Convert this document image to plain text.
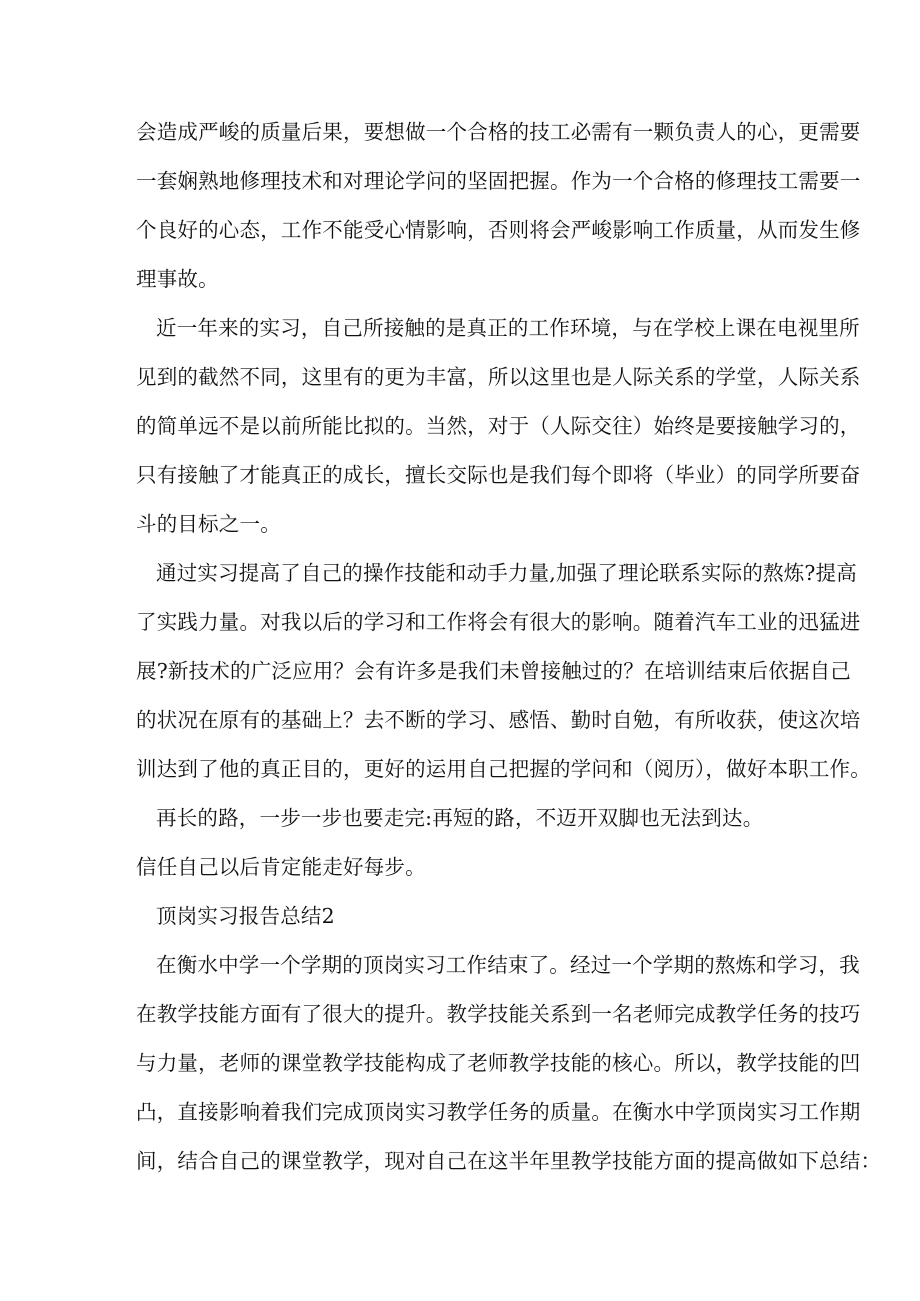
会造成严峻的质量后果，要想做一个合格的技工必需有一颗负责人的心，更需要
一套娴熟地修理技术和对理论学问的坚固把握。作为一个合格的修理技工需要一
个良好的心态，工作不能受心情影响，否则将会严峻影响工作质量，从而发生修
理事故。
近一年来的实习，自己所接触的是真正的工作环境，与在学校上课在电视里所
见到的截然不同，这里有的更为丰富，所以这里也是人际关系的学堂，人际关系
的简单远不是以前所能比拟的。当然，对于（人际交往）始终是要接触学习的，
只有接触了才能真正的成长，擅长交际也是我们每个即将（毕业）的同学所要奋
斗的目标之一。
通过实习提高了自己的操作技能和动手力量,加强了理论联系实际的熬炼?提高
了实践力量。对我以后的学习和工作将会有很大的影响。随着汽车工业的迅猛进
展?新技术的广泛应用？会有许多是我们未曾接触过的？在培训结束后依据自己
的状况在原有的基础上？去不断的学习、感悟、勤时自勉，有所收获，使这次培
训达到了他的真正目的，更好的运用自己把握的学问和（阅历），做好本职工作。
再长的路，一步一步也要走完:再短的路，不迈开双脚也无法到达。
信任自己以后肯定能走好每步。
顶岗实习报告总结2
在衡水中学一个学期的顶岗实习工作结束了。经过一个学期的熬炼和学习，我
在教学技能方面有了很大的提升。教学技能关系到一名老师完成教学任务的技巧
与力量，老师的课堂教学技能构成了老师教学技能的核心。所以，教学技能的凹
凸，直接影响着我们完成顶岗实习教学任务的质量。在衡水中学顶岗实习工作期
间，结合自己的课堂教学，现对自己在这半年里教学技能方面的提高做如下总结：
